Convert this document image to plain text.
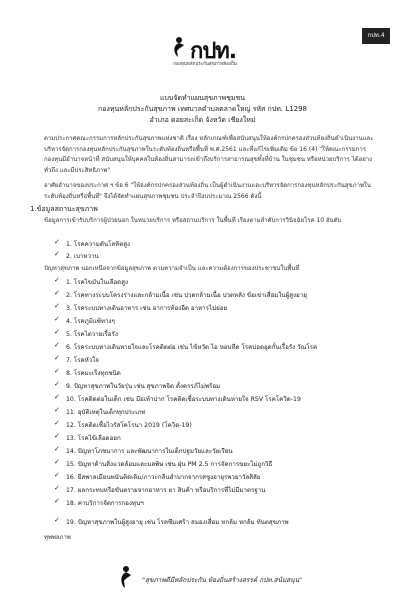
กปท.
กองทุนหลักประกันสุขภาพท้องถิ่น
กปท.4
แบบจัดทำแผนสุขภาพชุมชน
กองทุนหลักประกันสุขภาพ เทศบาลตำบลตลาดใหญ่ รหัส กปท. L1298
อำเภอ ดอยสะเก็ด จังหวัด เชียงใหม่
ตามประกาศคณะกรรมการหลักประกันสุขภาพแห่งชาติ เรื่อง หลักเกณฑ์เพื่อสนับสนุนให้องค์กรปกครองส่วนท้องถิ่นดำเนินงานและบริหารจัดการกองทุนหลักประกันสุขภาพในระดับท้องถิ่นหรือพื้นที่ พ.ศ.2561 และที่แก้ไขเพิ่มเติม ข้อ 16 (4) "ให้คณะกรรมการกองทุนมีอำนาจหน้าที่ สนับสนุนให้บุคคลในท้องถิ่นสามารถเข้าถึงบริการสาธารณสุขทั้งที่บ้าน ในชุมชน หรือหน่วยบริการ ได้อย่างทั่วถึง และมีประสิทธิภาพ"
อาศัยอำนาจของประกาศ ฯ ข้อ 6 "ให้องค์กรปกครองส่วนท้องถิ่น เป็นผู้ดำเนินงานและบริหารจัดการกองทุนหลักประกันสุขภาพในระดับท้องถิ่นหรือพื้นที่" จึงได้จัดทำแผนสุขภาพชุมชน ประจำปีงบประมาณ 2566 ดังนี้
1.ข้อมูลสถานะสุขภาพ
ข้อมูลการเข้ารับบริการผู้ป่วยนอก ในหน่วยบริการ หรือสถานบริการ ในพื้นที่ เรียงตามลำดับการวินิจฉัยโรค 10 อันดับ
✓ 1. โรคความดันโลหิตสูง
✓ 2. เบาหวาน
ปัญหาสุขภาพ นอกเหนือจากข้อมูลสุขภาพ ตามความจำเป็น และความต้องการของประชาชนในพื้นที่
✓ 1. โรคไขมันในเลือดสูง
✓ 2. โรคทางระบบโครงร่างและกล้ามเนื้อ เช่น ปวดกล้ามเนื้อ ปวดหลัง ข้อเข่าเสื่อมในผู้สูงอายุ
✓ 3. โรคระบบทางเดินอาหาร เช่น อาการท้องอืด อาหารไม่ย่อย
✓ 4. โรคภูมิแพ้ทางๆ
✓ 5. โรคไตวายเรื้อรัง
✓ 6. โรคระบบทางเดินหายใจและโรคติดต่อ เช่น ไข้หวัด ไอ หอบหืด โรคปอดอุดกั้นเรื้อรัง วัณโรค
✓ 7. โรคหัวใจ
✓ 8. โรคมะเร็งทุกชนิด
✓ 9. ปัญหาสุขภาพในวัยรุ่น เช่น สุขภาพจิต ตั้งครรภ์ไม่พร้อม
✓ 10. โรคติดต่อในเด็ก เช่น มือเท้าปาก โรคติดเชื้อระบบทางเดินหายใจ RSV โรคโควิด-19
✓ 11. อุบัติเหตุในเด็กทุกประเภท
✓ 12. โรคติดเชื้อไวรัสโคโรนา 2019 (โควิด-19)
✓ 13. โรคไข้เลือดออก
✓ 14. ปัญหาโภชนาการ และพัฒนาการในเด็กปฐมวัยและวัยเรียน
✓ 15. ปัญหาด้านสิ่งแวดล้อมและมลพิษ เช่น ฝุ่น PM 2.5 การจัดการขยะไม่ถูกวิธี
✓ 16. ยีสพาลเมียนพนันติดเดิม/ภาวะกลืนลำบากจากรสชูงอายุรพวยาวัลสิลัย
✓ 17. ผลกระทบหรือขันตรายจากอาหาร ยา สินค้า หรือบริการที่ไม่มีมาตรฐาน
✓ 18. ค่าบริการจัดการกองทุนฯ
✓ 19. ปัญหาสุขภาพในผู้สูงอายุ เช่น โรคซึมเศร้า สมองเสื่อม หกล้ม หกล้ม ทันตสุขภาพ
ทุพพลภาพ
"สุขภาพดีมีหลักประกัน ท้องถิ่นสร้างสรรค์ กปท.สนับสนุน"
